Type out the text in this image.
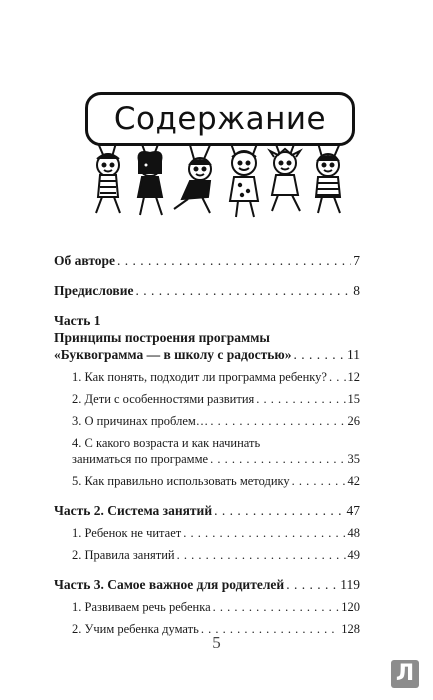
Содержание
Об авторе . . .	7
Предисловие . . .	8
Часть 1
Принципы построения программы
«Буквограмма — в школу с радостью» . . .	11
1. Как понять, подходит ли программа ребенку? . . . 12
2. Дети с особенностями развития . . .	15
3. О причинах проблем… . . .	26
4. С какого возраста и как начинать
заниматься по программе . . .	35
5. Как правильно использовать методику . . .	42
Часть 2. Система занятий . . .	47
1. Ребенок не читает . . .	48
2. Правила занятий . . .	49
Часть 3. Самое важное для родителей . . .	119
1. Развиваем речь ребенка . . .	120
2. Учим ребенка думать . . .	128
5
Л
